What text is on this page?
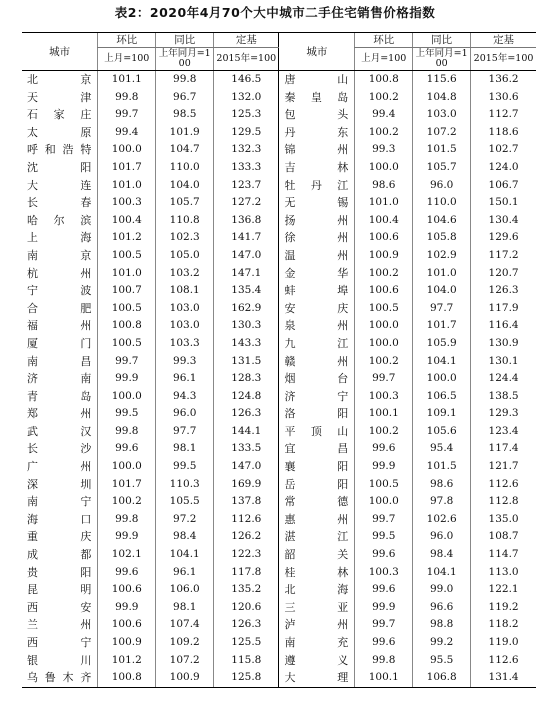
表2：2020年4月70个大中城市二手住宅销售价格指数
城市	环比	同比	定基	城市	环比	同比	定基

	上月=100	上年同月=100	2015年=100		上月=100	上年同月=100	2015年=100

北京	101.1	99.8	146.5	唐山	100.8	115.6	136.2
天津	99.8	96.7	132.0	秦皇岛	100.2	104.8	130.6
石家庄	99.7	98.5	125.3	包头	99.4	103.0	112.7
太原	99.4	101.9	129.5	丹东	100.2	107.2	118.6
呼和浩特	100.0	104.7	132.3	锦州	99.3	101.5	102.7
沈阳	101.7	110.0	133.3	吉林	100.0	105.7	124.0
大连	101.0	104.0	123.7	牡丹江	98.6	96.0	106.7
长春	100.3	105.7	127.2	无锡	101.0	110.0	150.1
哈尔滨	100.4	110.8	136.8	扬州	100.4	104.6	130.4
上海	101.2	102.3	141.7	徐州	100.6	105.8	129.6
南京	100.5	105.0	147.0	温州	100.9	102.9	117.2
杭州	101.0	103.2	147.1	金华	100.2	101.0	120.7
宁波	100.7	108.1	135.4	蚌埠	100.6	104.0	126.3
合肥	100.5	103.0	162.9	安庆	100.5	97.7	117.9
福州	100.8	103.0	130.3	泉州	100.0	101.7	116.4
厦门	100.5	103.3	143.3	九江	100.0	105.9	130.9
南昌	99.7	99.3	131.5	赣州	100.2	104.1	130.1
济南	99.9	96.1	128.3	烟台	99.7	100.0	124.4
青岛	100.0	94.3	124.8	济宁	100.3	106.5	138.5
郑州	99.5	96.0	126.3	洛阳	100.1	109.1	129.3
武汉	99.8	97.7	144.1	平顶山	100.2	105.6	123.4
长沙	99.6	98.1	133.5	宜昌	99.6	95.4	117.4
广州	100.0	99.5	147.0	襄阳	99.9	101.5	121.7
深圳	101.7	110.3	169.9	岳阳	100.5	98.6	112.6
南宁	100.2	105.5	137.8	常德	100.0	97.8	112.8
海口	99.8	97.2	112.6	惠州	99.7	102.6	135.0
重庆	99.9	98.4	126.2	湛江	99.5	96.0	108.7
成都	102.1	104.1	122.3	韶关	99.6	98.4	114.7
贵阳	99.6	96.1	117.8	桂林	100.3	104.1	113.0
昆明	100.6	106.0	135.2	北海	99.6	99.0	122.1
西安	99.9	98.1	120.6	三亚	99.9	96.6	119.2
兰州	100.6	107.4	126.3	泸州	99.7	98.8	118.2
西宁	100.9	109.2	125.5	南充	99.6	99.2	119.0
银川	101.2	107.2	115.8	遵义	99.8	95.5	112.6
乌鲁木齐	100.8	100.9	125.8	大理	100.1	106.8	131.4
